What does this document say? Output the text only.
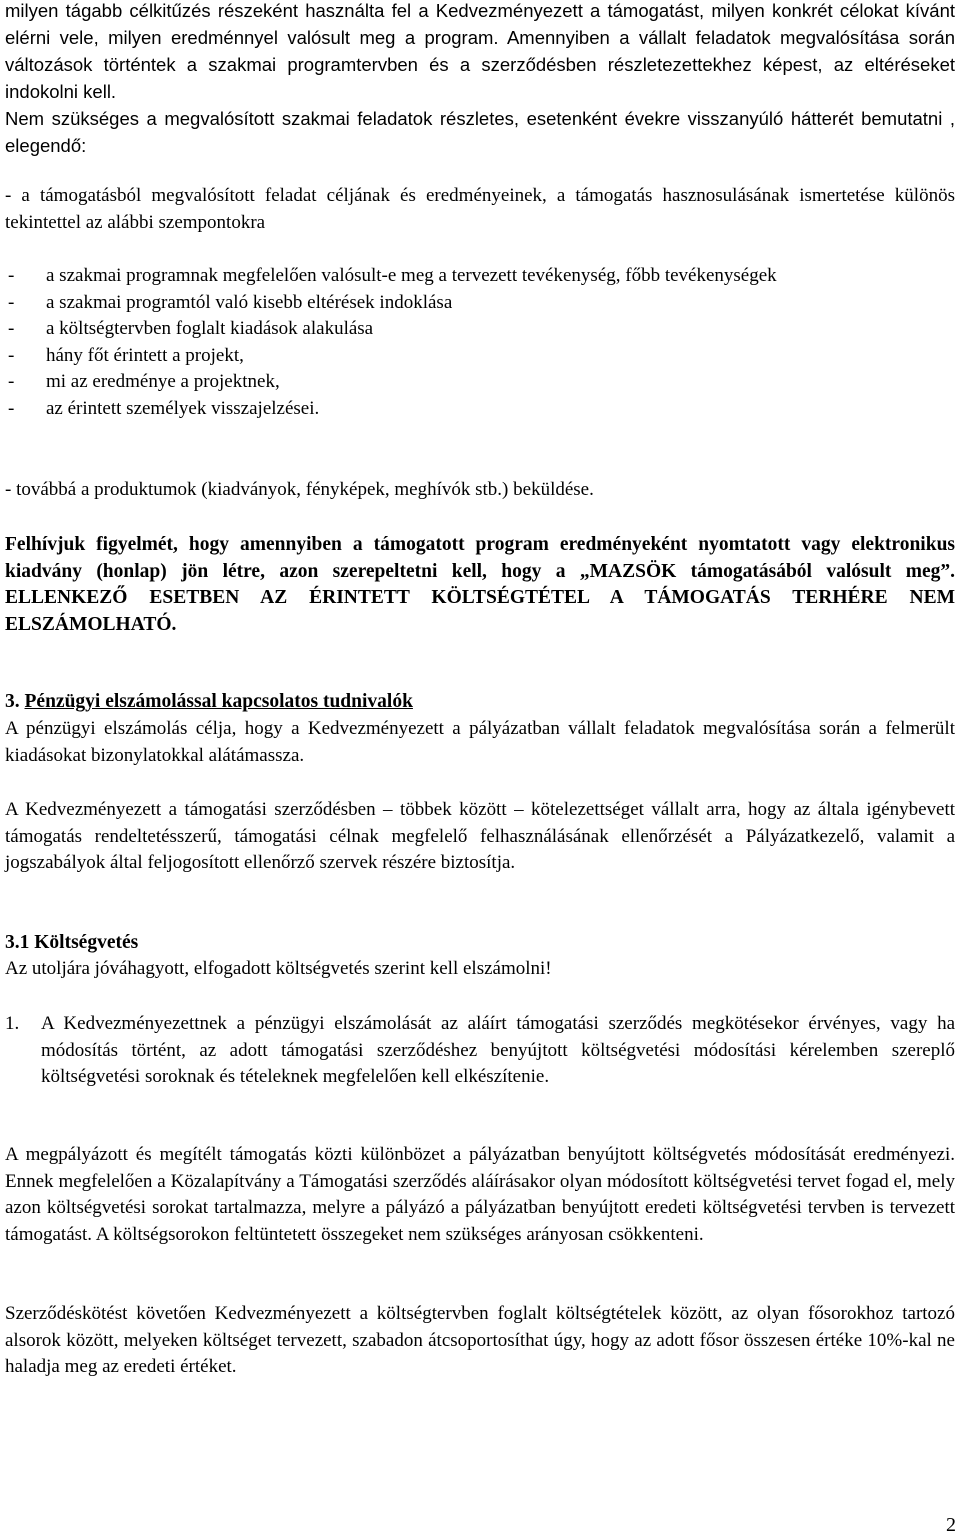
milyen tágabb célkitűzés részeként használta fel a Kedvezményezett a támogatást, milyen konkrét célokat kívánt elérni vele, milyen eredménnyel valósult meg a program. Amennyiben a vállalt feladatok megvalósítása során változások történtek a szakmai programtervben és a szerződésben részletezettekhez képest, az eltéréseket indokolni kell.
Nem szükséges a megvalósított szakmai feladatok részletes, esetenként évekre visszanyúló hátterét bemutatni , elegendő:

- a támogatásból megvalósított feladat céljának és eredményeinek, a támogatás hasznosulásának ismertetése különös tekintettel az alábbi szempontokra

-	a szakmai programnak megfelelően valósult-e meg a tervezett tevékenység, főbb tevékenységek
-	a szakmai programtól való kisebb eltérések indoklása
-	a költségtervben foglalt kiadások alakulása
-	hány főt érintett a projekt,
-	mi az eredménye a projektnek,
-	az érintett személyek visszajelzései.

- továbbá a produktumok (kiadványok, fényképek, meghívók stb.) beküldése.

Felhívjuk figyelmét, hogy amennyiben a támogatott program eredményeként nyomtatott vagy elektronikus kiadvány (honlap) jön létre, azon szerepeltetni kell, hogy a „MAZSÖK támogatásából valósult meg”. ELLENKEZŐ ESETBEN AZ ÉRINTETT KÖLTSÉGTÉTEL A TÁMOGATÁS TERHÉRE NEM ELSZÁMOLHATÓ.

3. Pénzügyi elszámolással kapcsolatos tudnivalók

A pénzügyi elszámolás célja, hogy a Kedvezményezett a pályázatban vállalt feladatok megvalósítása során a felmerült kiadásokat bizonylatokkal alátámassza.

A Kedvezményezett a támogatási szerződésben – többek között – kötelezettséget vállalt arra, hogy az általa igénybevett támogatás rendeltetésszerű, támogatási célnak megfelelő felhasználásának ellenőrzését a Pályázatkezelő, valamit a jogszabályok által feljogosított ellenőrző szervek részére biztosítja.

3.1 Költségvetés

Az utoljára jóváhagyott, elfogadott költségvetés szerint kell elszámolni!

1.	A Kedvezményezettnek a pénzügyi elszámolását az aláírt támogatási szerződés megkötésekor érvényes, vagy ha módosítás történt, az adott támogatási szerződéshez benyújtott költségvetési módosítási kérelemben szereplő költségvetési soroknak és tételeknek megfelelően kell elkészítenie.

A megpályázott és megítélt támogatás közti különbözet a pályázatban benyújtott költségvetés módosítását eredményezi. Ennek megfelelően a Közalapítvány a Támogatási szerződés aláírásakor olyan módosított költségvetési tervet fogad el, mely azon költségvetési sorokat tartalmazza, melyre a pályázó a pályázatban benyújtott eredeti költségvetési tervben is tervezett támogatást. A költségsorokon feltüntetett összegeket nem szükséges arányosan csökkenteni.

Szerződéskötést követően Kedvezményezett a költségtervben foglalt költségtételek között, az olyan fősorokhoz tartozó alsorok között, melyeken költséget tervezett, szabadon átcsoportosíthat úgy, hogy az adott fősor összesen értéke 10%-kal ne haladja meg az eredeti értéket.

2
